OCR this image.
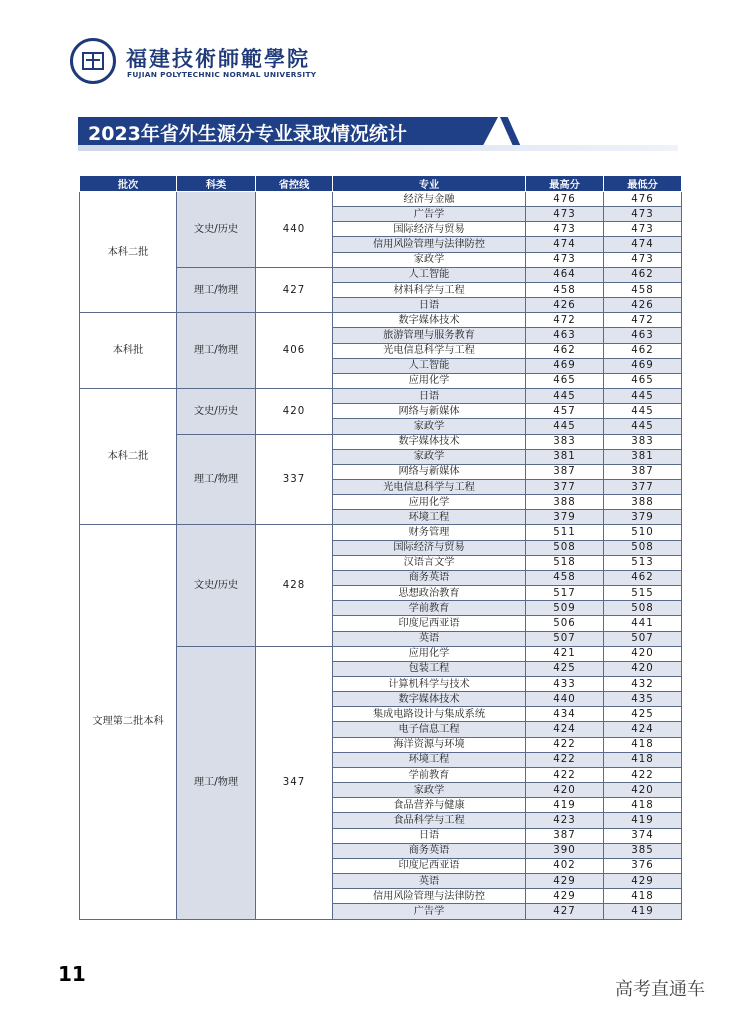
福建技術師範學院
FUJIAN POLYTECHNIC NORMAL UNIVERSITY
2023年省外生源分专业录取情况统计
批次	科类	省控线	专业	最高分	最低分
本科二批	文史/历史	440	经济与金融	476	476
			广告学	473	473
			国际经济与贸易	473	473
			信用风险管理与法律防控	474	474
			家政学	473	473
	理工/物理	427	人工智能	464	462
			材料科学与工程	458	458
			日语	426	426
本科批	理工/物理	406	数字媒体技术	472	472
			旅游管理与服务教育	463	463
			光电信息科学与工程	462	462
			人工智能	469	469
			应用化学	465	465
本科二批	文史/历史	420	日语	445	445
			网络与新媒体	457	445
			家政学	445	445
	理工/物理	337	数字媒体技术	383	383
			家政学	381	381
			网络与新媒体	387	387
			光电信息科学与工程	377	377
			应用化学	388	388
			环境工程	379	379
文理第二批本科	文史/历史	428	财务管理	511	510
			国际经济与贸易	508	508
			汉语言文学	518	513
			商务英语	458	462
			思想政治教育	517	515
			学前教育	509	508
			印度尼西亚语	506	441
			英语	507	507
	理工/物理	347	应用化学	421	420
			包装工程	425	420
			计算机科学与技术	433	432
			数字媒体技术	440	435
			集成电路设计与集成系统	434	425
			电子信息工程	424	424
			海洋资源与环境	422	418
			环境工程	422	418
			学前教育	422	422
			家政学	420	420
			食品营养与健康	419	418
			食品科学与工程	423	419
			日语	387	374
			商务英语	390	385
			印度尼西亚语	402	376
			英语	429	429
			信用风险管理与法律防控	429	418
			广告学	427	419
11
高考直通车
